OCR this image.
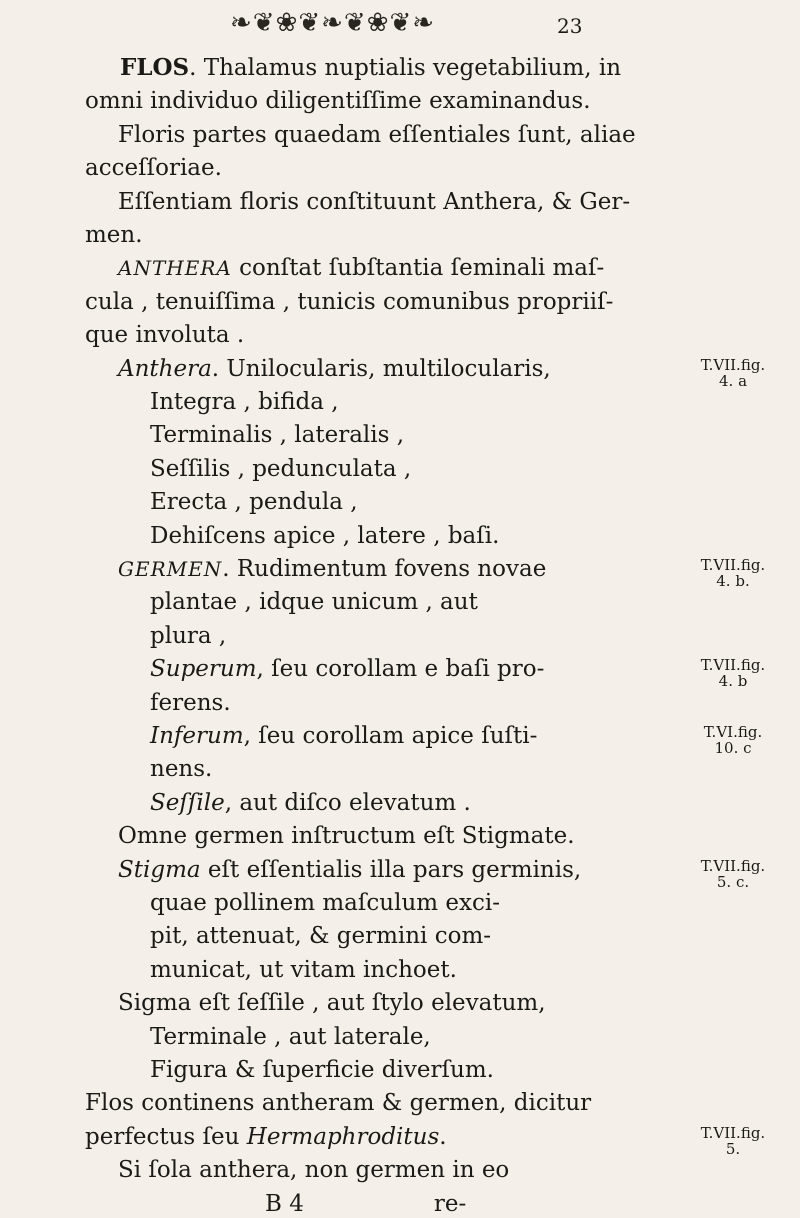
❧❦❀❦❧❦❀❦❧	23
FLOS. Thalamus nuptialis vegetabilium, in
omni individuo diligentiſſime examinandus.
Floris partes quaedam eſſentiales ſunt, aliae
acceſſoriae.
Eſſentiam floris conſtituunt Anthera, & Ger-
men.
ANTHERA conſtat ſubſtantia ſeminali maſ-
cula , tenuiſſima , tunicis comunibus propriiſ-
que involuta .
Anthera. Unilocularis, multilocularis,
Integra , bifida ,
Terminalis , lateralis ,
Seſſilis , pedunculata ,
Erecta , pendula ,
Dehiſcens apice , latere , baſi.
GERMEN. Rudimentum fovens novae
plantae , idque unicum , aut
plura ,
Superum, ſeu corollam e baſi pro-
ferens.
Inferum, ſeu corollam apice ſuſti-
nens.
Seſſile, aut diſco elevatum .
Omne germen inſtructum eſt Stigmate.
Stigma eſt eſſentialis illa pars germinis,
quae pollinem maſculum exci-
pit, attenuat, & germini com-
municat, ut vitam inchoet.
Sigma eſt ſeſſile , aut ſtylo elevatum,
Terminale , aut laterale,
Figura & ſuperficie diverſum.
Flos continens antheram & germen, dicitur
perfectus ſeu Hermaphroditus.
Si ſola anthera, non germen in eo
B 4	re-
T.VII.fig.
4. a
T.VII.fig.
4. b.
T.VII.fig.
4. b
T.VI.fig.
10. c
T.VII.fig.
5. c.
T.VII.fig.
5.
